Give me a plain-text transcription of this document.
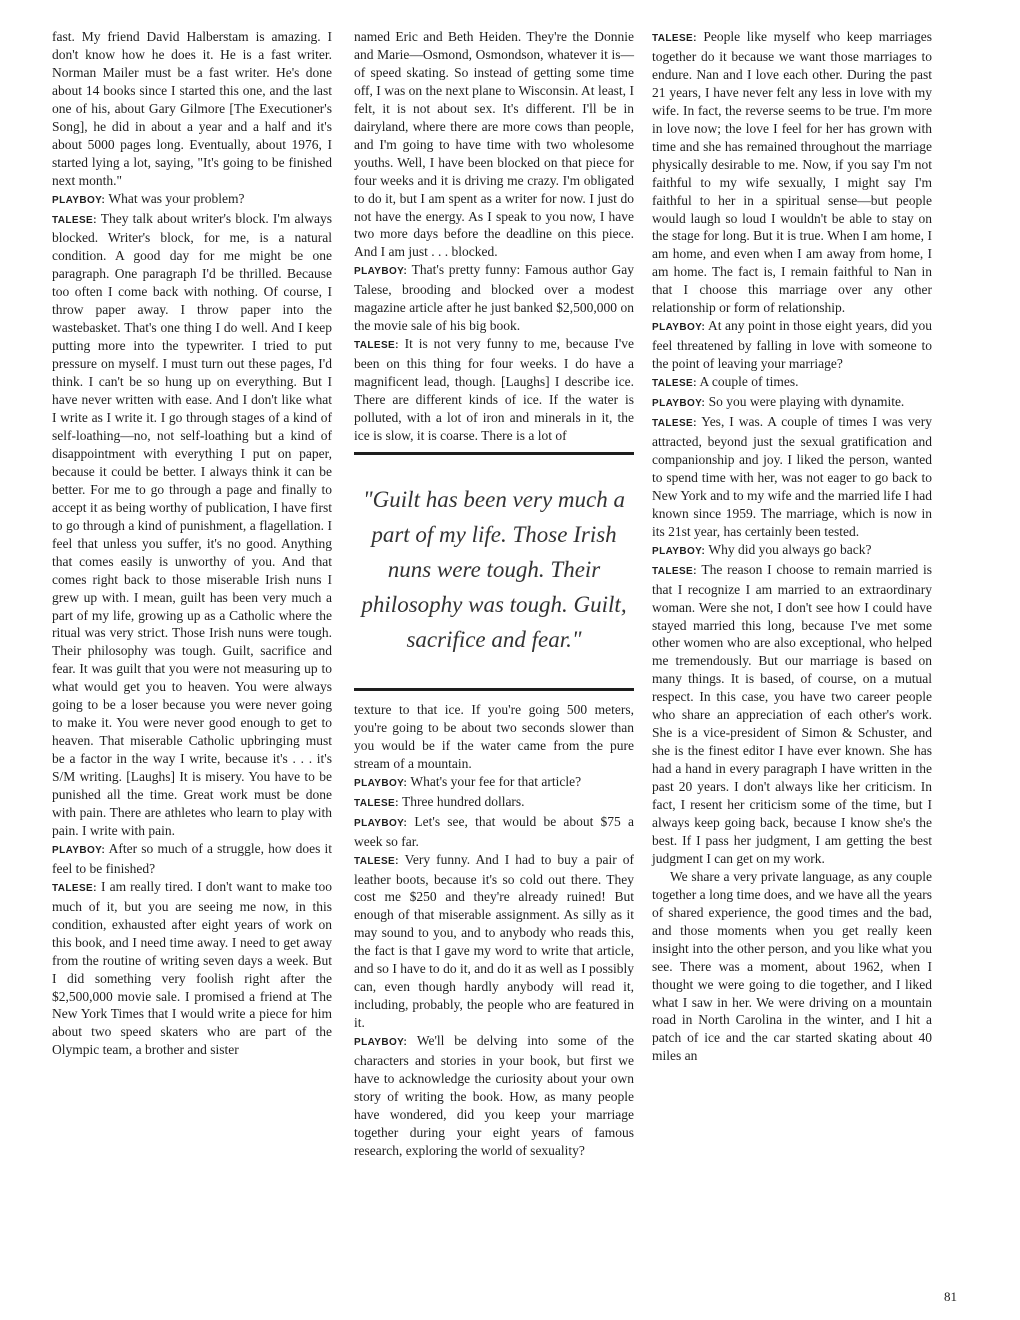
fast. My friend David Halberstam is amazing. I don't know how he does it. He is a fast writer. Norman Mailer must be a fast writer. He's done about 14 books since I started this one, and the last one of his, about Gary Gilmore [The Executioner's Song], he did in about a year and a half and it's about 5000 pages long. Eventually, about 1976, I started lying a lot, saying, "It's going to be finished next month."

PLAYBOY: What was your problem?

TALESE: They talk about writer's block. I'm always blocked. Writer's block, for me, is a natural condition. A good day for me might be one paragraph. One paragraph I'd be thrilled. Because too often I come back with nothing. Of course, I throw paper away. I throw paper into the wastebasket. That's one thing I do well. And I keep putting more into the typewriter. I tried to put pressure on myself. I must turn out these pages, I'd think. I can't be so hung up on everything. But I have never written with ease. And I don't like what I write as I write it. I go through stages of a kind of self-loathing—no, not self-loathing but a kind of disappointment with everything I put on paper, because it could be better. I always think it can be better. For me to go through a page and finally to accept it as being worthy of publication, I have first to go through a kind of punishment, a flagellation. I feel that unless you suffer, it's no good. Anything that comes easily is unworthy of you. And that comes right back to those miserable Irish nuns I grew up with. I mean, guilt has been very much a part of my life, growing up as a Catholic where the ritual was very strict. Those Irish nuns were tough. Their philosophy was tough. Guilt, sacrifice and fear. It was guilt that you were not measuring up to what would get you to heaven. You were always going to be a loser because you were never going to make it. You were never good enough to get to heaven. That miserable Catholic upbringing must be a factor in the way I write, because it's . . . it's S/M writing. [Laughs] It is misery. You have to be punished all the time. Great work must be done with pain. There are athletes who learn to play with pain. I write with pain.

PLAYBOY: After so much of a struggle, how does it feel to be finished?

TALESE: I am really tired. I don't want to make too much of it, but you are seeing me now, in this condition, exhausted after eight years of work on this book, and I need time away. I need to get away from the routine of writing seven days a week. But I did something very foolish right after the $2,500,000 movie sale. I promised a friend at The New York Times that I would write a piece for him about two speed skaters who are part of the Olympic team, a brother and sister

named Eric and Beth Heiden. They're the Donnie and Marie—Osmond, Osmondson, whatever it is—of speed skating. So instead of getting some time off, I was on the next plane to Wisconsin. At least, I felt, it is not about sex. It's different. I'll be in dairyland, where there are more cows than people, and I'm going to have time with two wholesome youths. Well, I have been blocked on that piece for four weeks and it is driving me crazy. I'm obligated to do it, but I am spent as a writer for now. I just do not have the energy. As I speak to you now, I have two more days before the deadline on this piece. And I am just . . . blocked.

PLAYBOY: That's pretty funny: Famous author Gay Talese, brooding and blocked over a modest magazine article after he just banked $2,500,000 on the movie sale of his big book.

TALESE: It is not very funny to me, because I've been on this thing for four weeks. I do have a magnificent lead, though. [Laughs] I describe ice. There are different kinds of ice. If the water is polluted, with a lot of iron and minerals in it, the ice is slow, it is coarse. There is a lot of

"Guilt has been very much a part of my life. Those Irish nuns were tough. Their philosophy was tough. Guilt, sacrifice and fear."

texture to that ice. If you're going 500 meters, you're going to be about two seconds slower than you would be if the water came from the pure stream of a mountain.

PLAYBOY: What's your fee for that article?

TALESE: Three hundred dollars.

PLAYBOY: Let's see, that would be about $75 a week so far.

TALESE: Very funny. And I had to buy a pair of leather boots, because it's so cold out there. They cost me $250 and they're already ruined! But enough of that miserable assignment. As silly as it may sound to you, and to anybody who reads this, the fact is that I gave my word to write that article, and so I have to do it, and do it as well as I possibly can, even though hardly anybody will read it, including, probably, the people who are featured in it.

PLAYBOY: We'll be delving into some of the characters and stories in your book, but first we have to acknowledge the curiosity about your own story of writing the book. How, as many people have wondered, did you keep your marriage together during your eight years of famous research, exploring the world of sexuality?

TALESE: People like myself who keep marriages together do it because we want those marriages to endure. Nan and I love each other. During the past 21 years, I have never felt any less in love with my wife. In fact, the reverse seems to be true. I'm more in love now; the love I feel for her has grown with time and she has remained throughout the marriage physically desirable to me. Now, if you say I'm not faithful to my wife sexually, I might say I'm faithful to her in a spiritual sense—but people would laugh so loud I wouldn't be able to stay on the stage for long. But it is true. When I am home, I am home, and even when I am away from home, I am home. The fact is, I remain faithful to Nan in that I choose this marriage over any other relationship or form of relationship.

PLAYBOY: At any point in those eight years, did you feel threatened by falling in love with someone to the point of leaving your marriage?

TALESE: A couple of times.

PLAYBOY: So you were playing with dynamite.

TALESE: Yes, I was. A couple of times I was very attracted, beyond just the sexual gratification and companionship and joy. I liked the person, wanted to spend time with her, was not eager to go back to New York and to my wife and the married life I had known since 1959. The marriage, which is now in its 21st year, has certainly been tested.

PLAYBOY: Why did you always go back?

TALESE: The reason I choose to remain married is that I recognize I am married to an extraordinary woman. Were she not, I don't see how I could have stayed married this long, because I've met some other women who are also exceptional, who helped me tremendously. But our marriage is based on many things. It is based, of course, on a mutual respect. In this case, you have two career people who share an appreciation of each other's work. She is a vice-president of Simon & Schuster, and she is the finest editor I have ever known. She has had a hand in every paragraph I have written in the past 20 years. I don't always like her criticism. In fact, I resent her criticism some of the time, but I always keep going back, because I know she's the best. If I pass her judgment, I am getting the best judgment I can get on my work.

We share a very private language, as any couple together a long time does, and we have all the years of shared experience, the good times and the bad, and those moments when you get really keen insight into the other person, and you like what you see. There was a moment, about 1962, when I thought we were going to die together, and I liked what I saw in her. We were driving on a mountain road in North Carolina in the winter, and I hit a patch of ice and the car started skating about 40 miles an

81
